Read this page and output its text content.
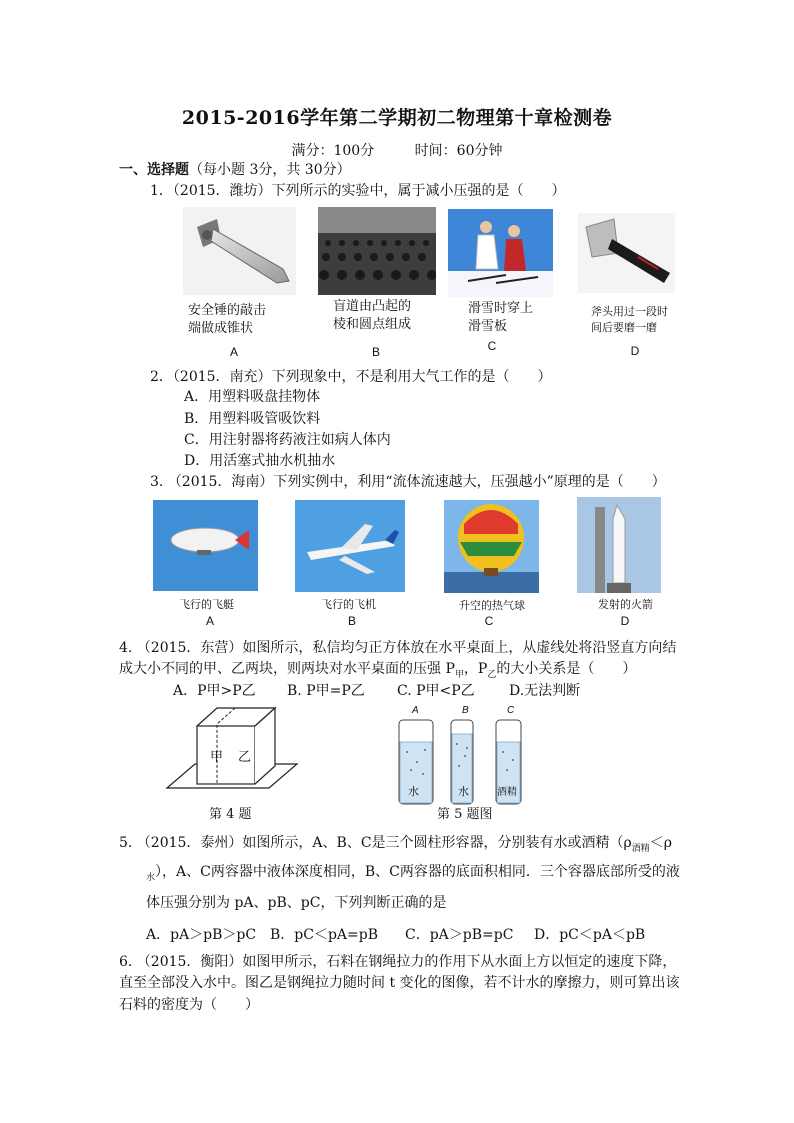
2015-2016学年第二学期初二物理第十章检测卷
满分：100分	时间：60分钟
一、选择题（每小题 3分，共 30分）
1．（2015．潍坊）下列所示的实验中，属于减小压强的是（　　）
安全锤的敲击
端做成锥状
盲道由凸起的
棱和圆点组成
滑雪时穿上
滑雪板
斧头用过一段时
间后要磨一磨
A	B	C	D
2．（2015．南充）下列现象中，不是利用大气工作的是（　　）
A．用塑料吸盘挂物体
B．用塑料吸管吸饮料
C．用注射器将药液注如病人体内
D．用活塞式抽水机抽水
3. （2015．海南）下列实例中，利用“流体流速越大，压强越小”原理的是（　　）
飞行的飞艇	飞行的飞机	升空的热气球	发射的火箭
A	B	C	D
4. （2015．东营）如图所示，私信均匀正方体放在水平桌面上，从虚线处将沿竖直方向结
成大小不同的甲、乙两块，则两块对水平桌面的压强 $P_甲$，$P_乙$的大小关系是（　　）
A．P甲>P乙 B. P甲=P乙 C. P甲<P乙 D.无法判断
甲 乙
第 4 题
A	B	C
水	水	酒精
第 5 题图
5. （2015．泰州）如图所示，A、B、C是三个圆柱形容器，分别装有水或酒精（$\rho_{酒精}<\rho$
$_水$），A、C两容器中液体深度相同，B、C两容器的底面积相同．三个容器底部所受的液
体压强分别为 pA、pB、pC，下列判断正确的是
A．pA＞pB＞pC B．pC＜pA=pB C．pA＞pB=pC D．pC＜pA＜pB
6. （2015．衡阳）如图甲所示，石料在钢绳拉力的作用下从水面上方以恒定的速度下降，
直至全部没入水中。图乙是钢绳拉力随时间 t 变化的图像，若不计水的摩擦力，则可算出该
石料的密度为（　　）
